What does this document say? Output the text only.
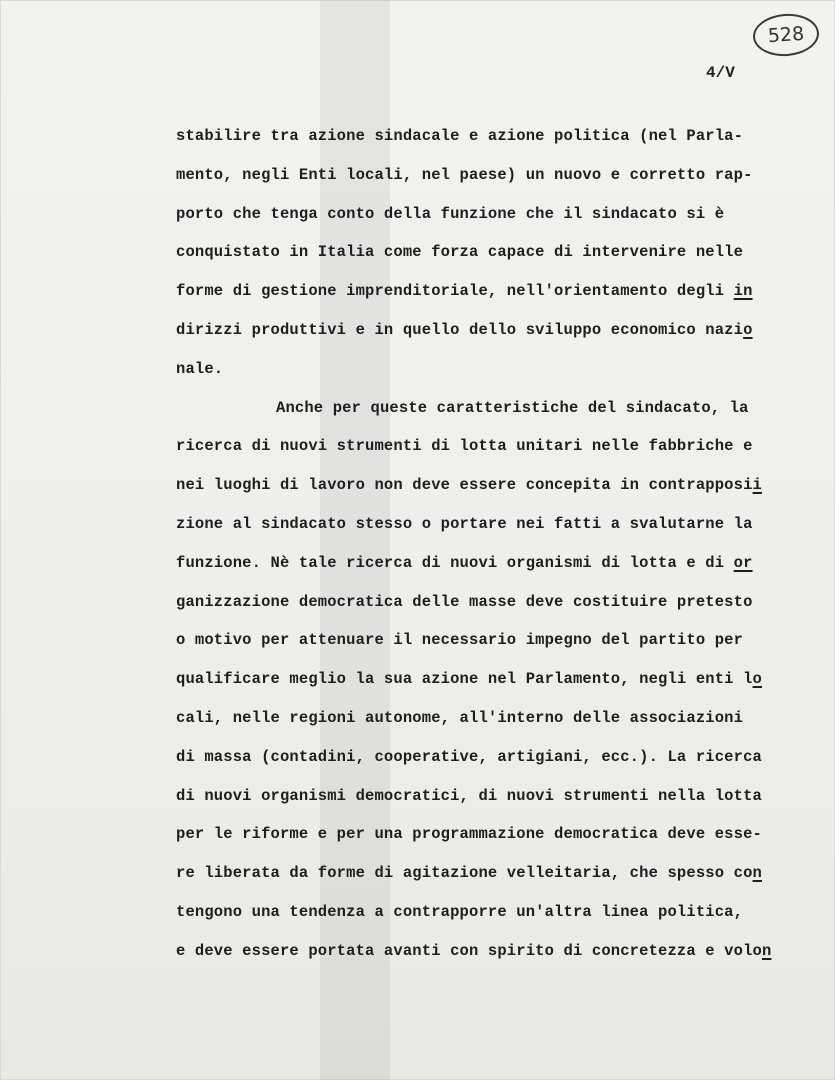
528
4/V
stabilire tra azione sindacale e azione politica (nel Parla-
mento, negli Enti locali, nel paese) un nuovo e corretto rap-
porto che tenga conto della funzione che il sindacato si è
conquistato in Italia come forza capace di intervenire nelle
forme di gestione imprenditoriale, nell'orientamento degli in
dirizzi produttivi e in quello dello sviluppo economico nazio
nale.
Anche per queste caratteristiche del sindacato, la
ricerca di nuovi strumenti di lotta unitari nelle fabbriche e
nei luoghi di lavoro non deve essere concepita in contrapposii
zione al sindacato stesso o portare nei fatti a svalutarne la
funzione. Nè tale ricerca di nuovi organismi di lotta e di or
ganizzazione democratica delle masse deve costituire pretesto
o motivo per attenuare il necessario impegno del partito per
qualificare meglio la sua azione nel Parlamento, negli enti lo
cali, nelle regioni autonome, all'interno delle associazioni
di massa (contadini, cooperative, artigiani, ecc.). La ricerca
di nuovi organismi democratici, di nuovi strumenti nella lotta
per le riforme e per una programmazione democratica deve esse-
re liberata da forme di agitazione velleitaria, che spesso con
tengono una tendenza a contrapporre un'altra linea politica,
e deve essere portata avanti con spirito di concretezza e volon
